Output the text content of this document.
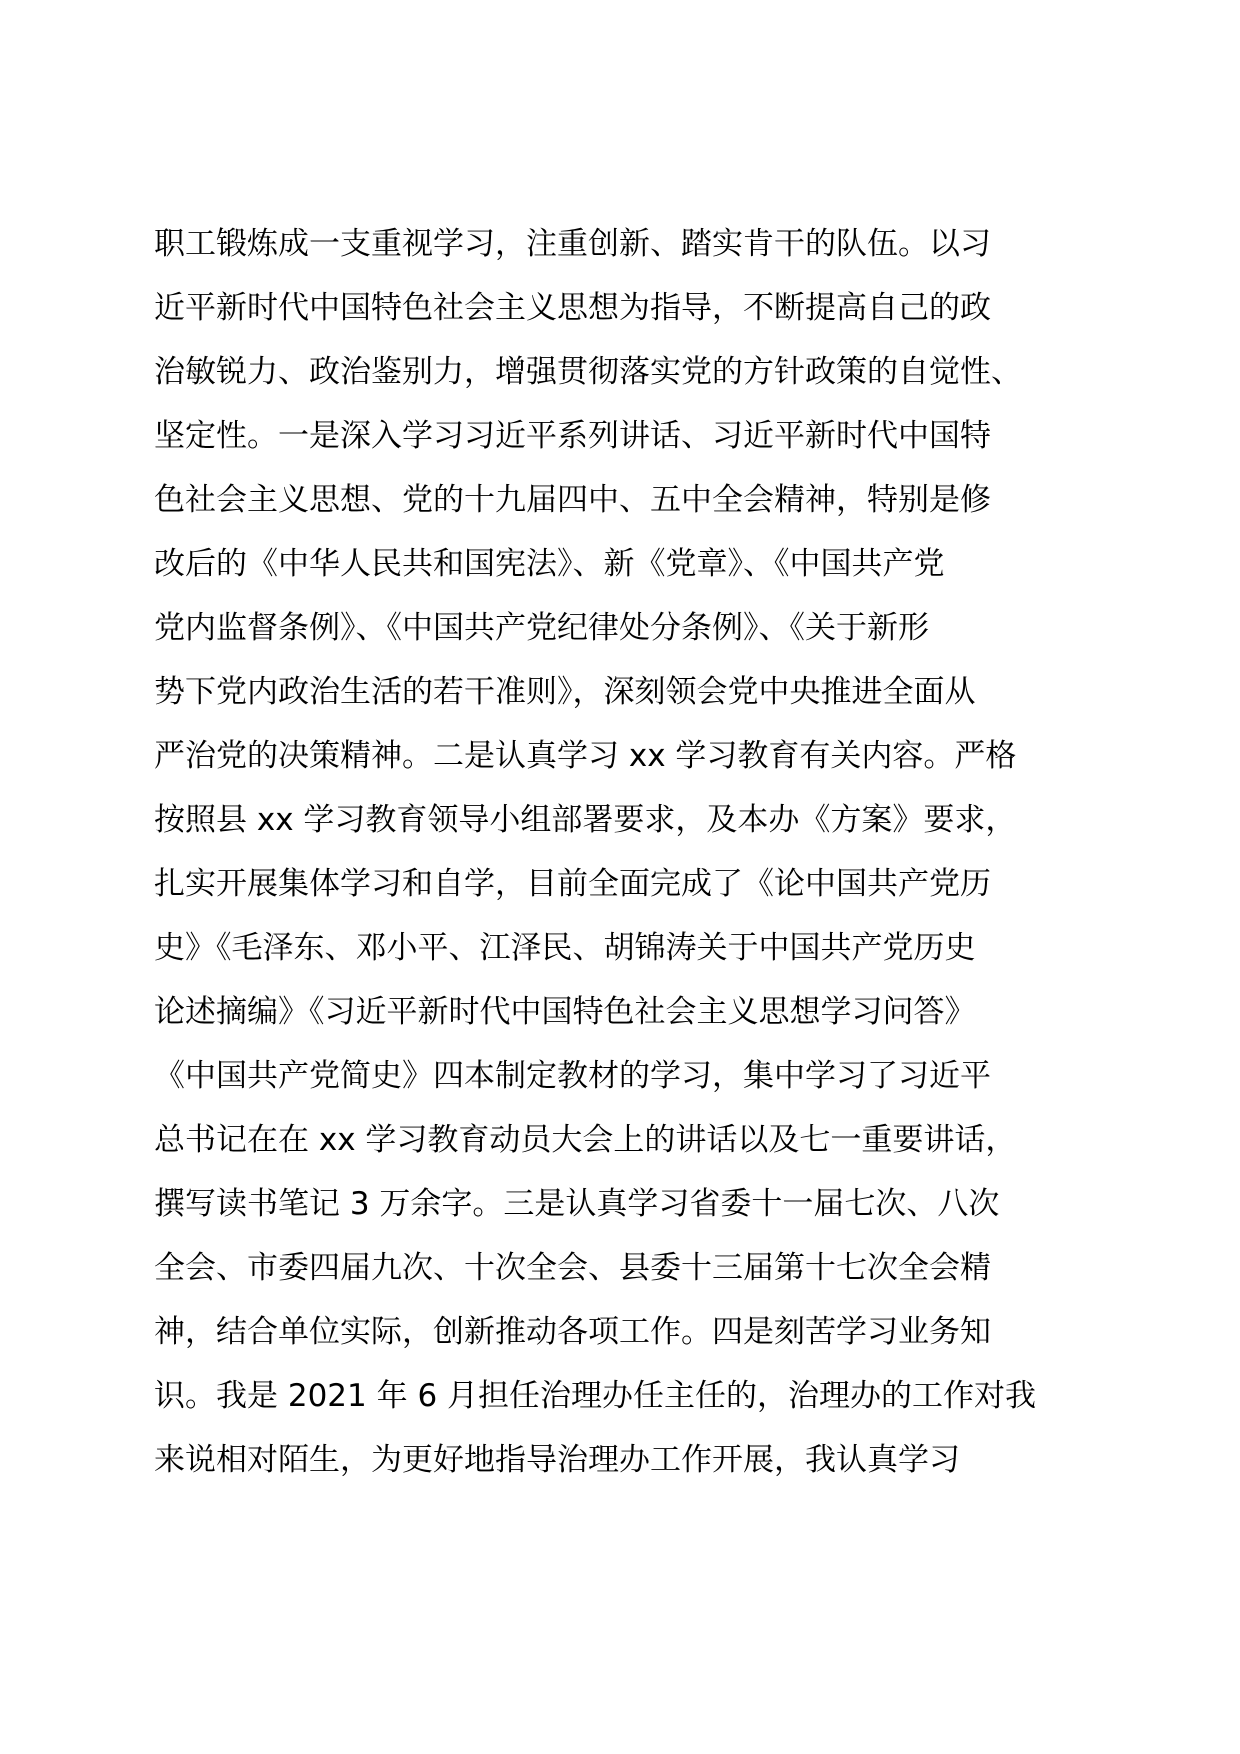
职工锻炼成一支重视学习，注重创新、踏实肯干的队伍。以习
近平新时代中国特色社会主义思想为指导，不断提高自己的政
治敏锐力、政治鉴别力，增强贯彻落实党的方针政策的自觉性、
坚定性。一是深入学习习近平系列讲话、习近平新时代中国特
色社会主义思想、党的十九届四中、五中全会精神，特别是修
改后的《中华人民共和国宪法》、新《党章》、《中国共产党
党内监督条例》、《中国共产党纪律处分条例》、《关于新形
势下党内政治生活的若干准则》，深刻领会党中央推进全面从
严治党的决策精神。二是认真学习 xx 学习教育有关内容。严格
按照县 xx 学习教育领导小组部署要求，及本办《方案》要求，
扎实开展集体学习和自学，目前全面完成了《论中国共产党历
史》《毛泽东、邓小平、江泽民、胡锦涛关于中国共产党历史
论述摘编》《习近平新时代中国特色社会主义思想学习问答》
《中国共产党简史》四本制定教材的学习，集中学习了习近平
总书记在在 xx 学习教育动员大会上的讲话以及七一重要讲话，
撰写读书笔记 3 万余字。三是认真学习省委十一届七次、八次
全会、市委四届九次、十次全会、县委十三届第十七次全会精
神，结合单位实际，创新推动各项工作。四是刻苦学习业务知
识。我是 2021 年 6 月担任治理办任主任的，治理办的工作对我
来说相对陌生，为更好地指导治理办工作开展，我认真学习
